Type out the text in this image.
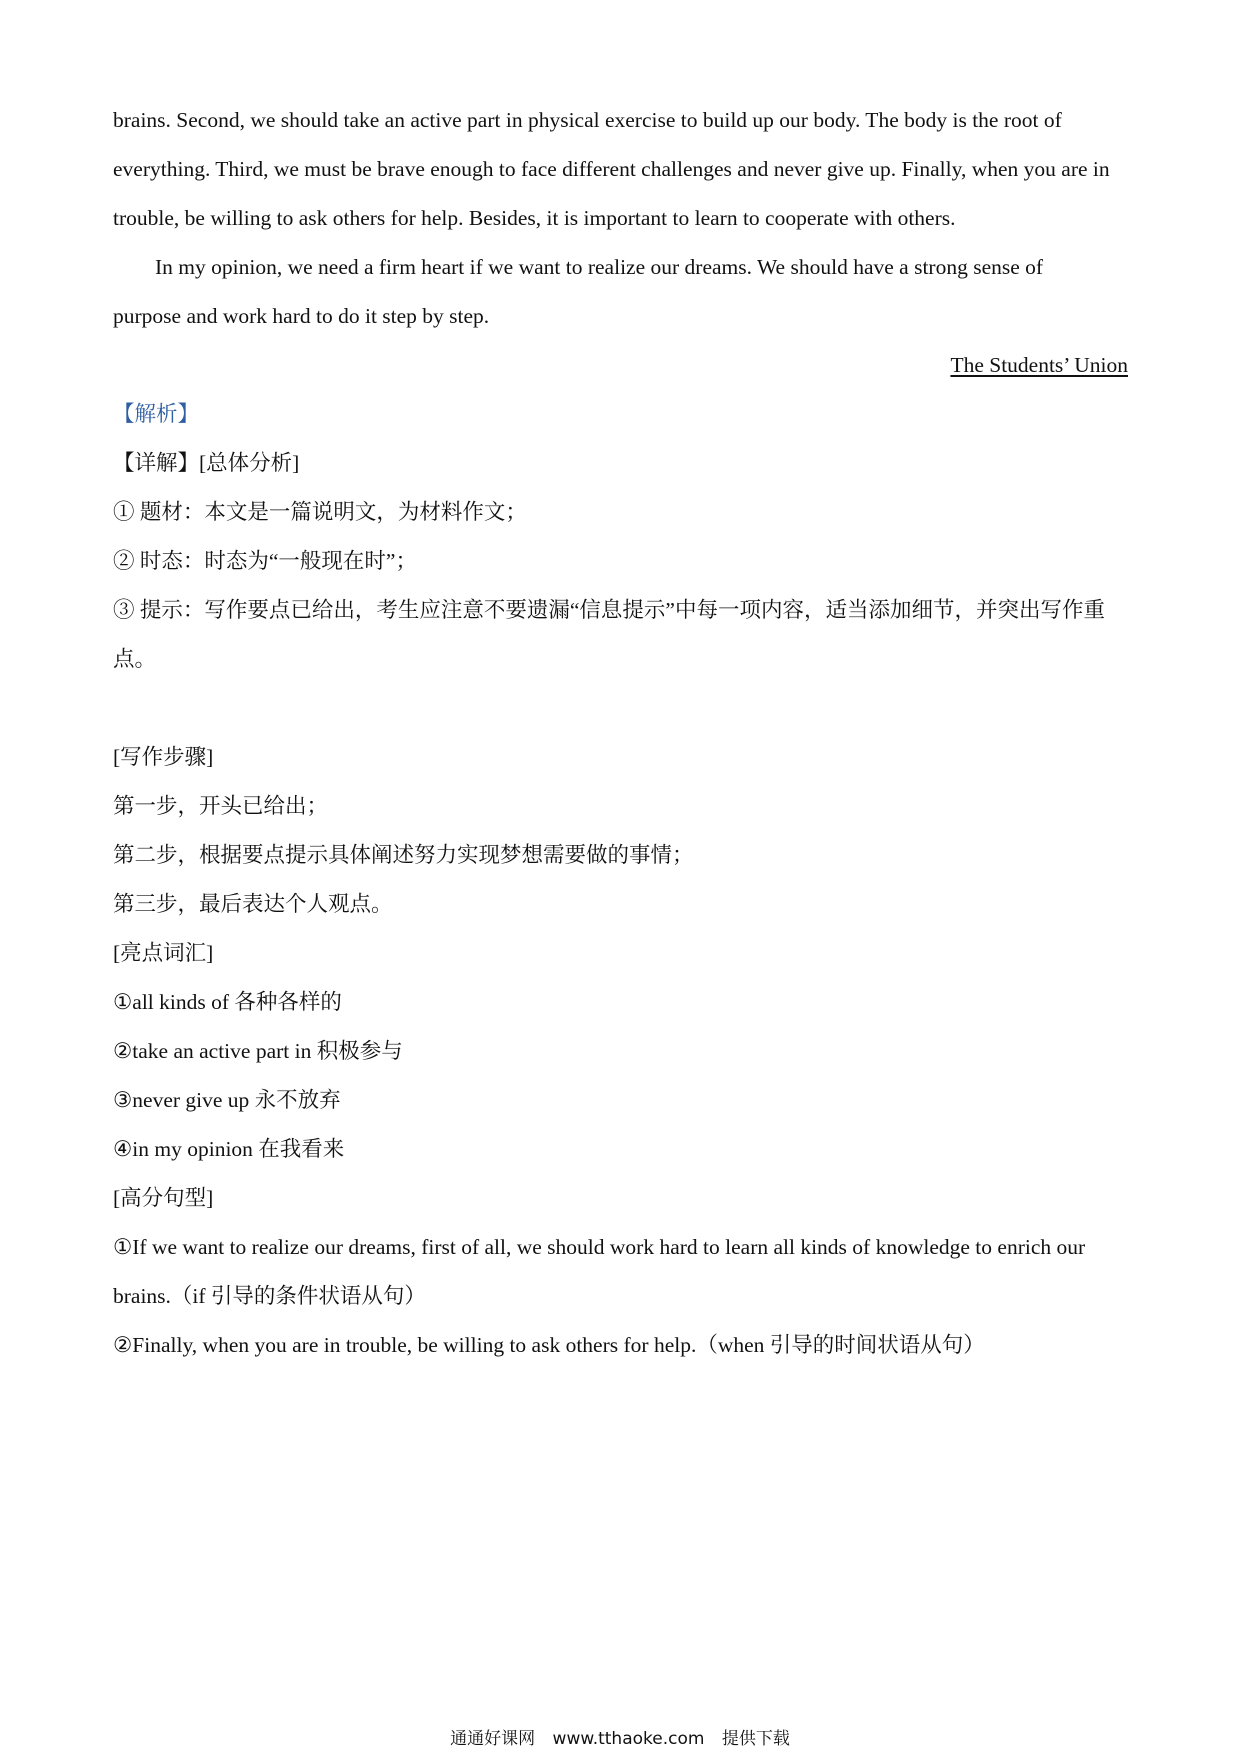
brains. Second, we should take an active part in physical exercise to build up our body. The body is the root of

everything. Third, we must be brave enough to face different challenges and never give up. Finally, when you are in

trouble, be willing to ask others for help. Besides, it is important to learn to cooperate with others.

In my opinion, we need a firm heart if we want to realize our dreams. We should have a strong sense of

purpose and work hard to do it step by step.

The Students’ Union

【解析】

【详解】[总体分析]

① 题材：本文是一篇说明文，为材料作文；

② 时态：时态为“一般现在时”；

③ 提示：写作要点已给出，考生应注意不要遗漏“信息提示”中每一项内容，适当添加细节，并突出写作重

点。

[写作步骤]

第一步，开头已给出；

第二步，根据要点提示具体阐述努力实现梦想需要做的事情；

第三步，最后表达个人观点。

[亮点词汇]

①all kinds of 各种各样的

②take an active part in 积极参与

③never give up 永不放弃

④in my opinion 在我看来

[高分句型]

①If we want to realize our dreams, first of all, we should work hard to learn all kinds of knowledge to enrich our

brains.（if 引导的条件状语从句）

②Finally, when you are in trouble, be willing to ask others for help.（when 引导的时间状语从句）

通通好课网 www.tthaoke.com 提供下载
